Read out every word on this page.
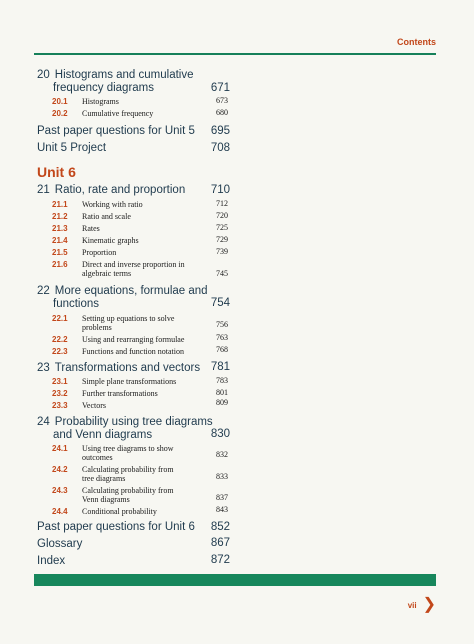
Contents
20 Histograms and cumulative
frequency diagrams	671
20.1 Histograms	673
20.2 Cumulative frequency	680
Past paper questions for Unit 5	695
Unit 5 Project	708
Unit 6
21 Ratio, rate and proportion	710
21.1 Working with ratio	712
21.2 Ratio and scale	720
21.3 Rates	725
21.4 Kinematic graphs	729
21.5 Proportion	739
21.6 Direct and inverse proportion in
algebraic terms	745
22 More equations, formulae and
functions	754
22.1 Setting up equations to solve
problems	756
22.2 Using and rearranging formulae	763
22.3 Functions and function notation	768
23 Transformations and vectors 781
23.1 Simple plane transformations	783
23.2 Further transformations	801
23.3 Vectors	809
24 Probability using tree diagrams
and Venn diagrams	830
24.1 Using tree diagrams to show
outcomes	832
24.2 Calculating probability from
tree diagrams	833
24.3 Calculating probability from
Venn diagrams	837
24.4 Conditional probability	843
Past paper questions for Unit 6	852
Glossary	867
Index	872
vii ❯
